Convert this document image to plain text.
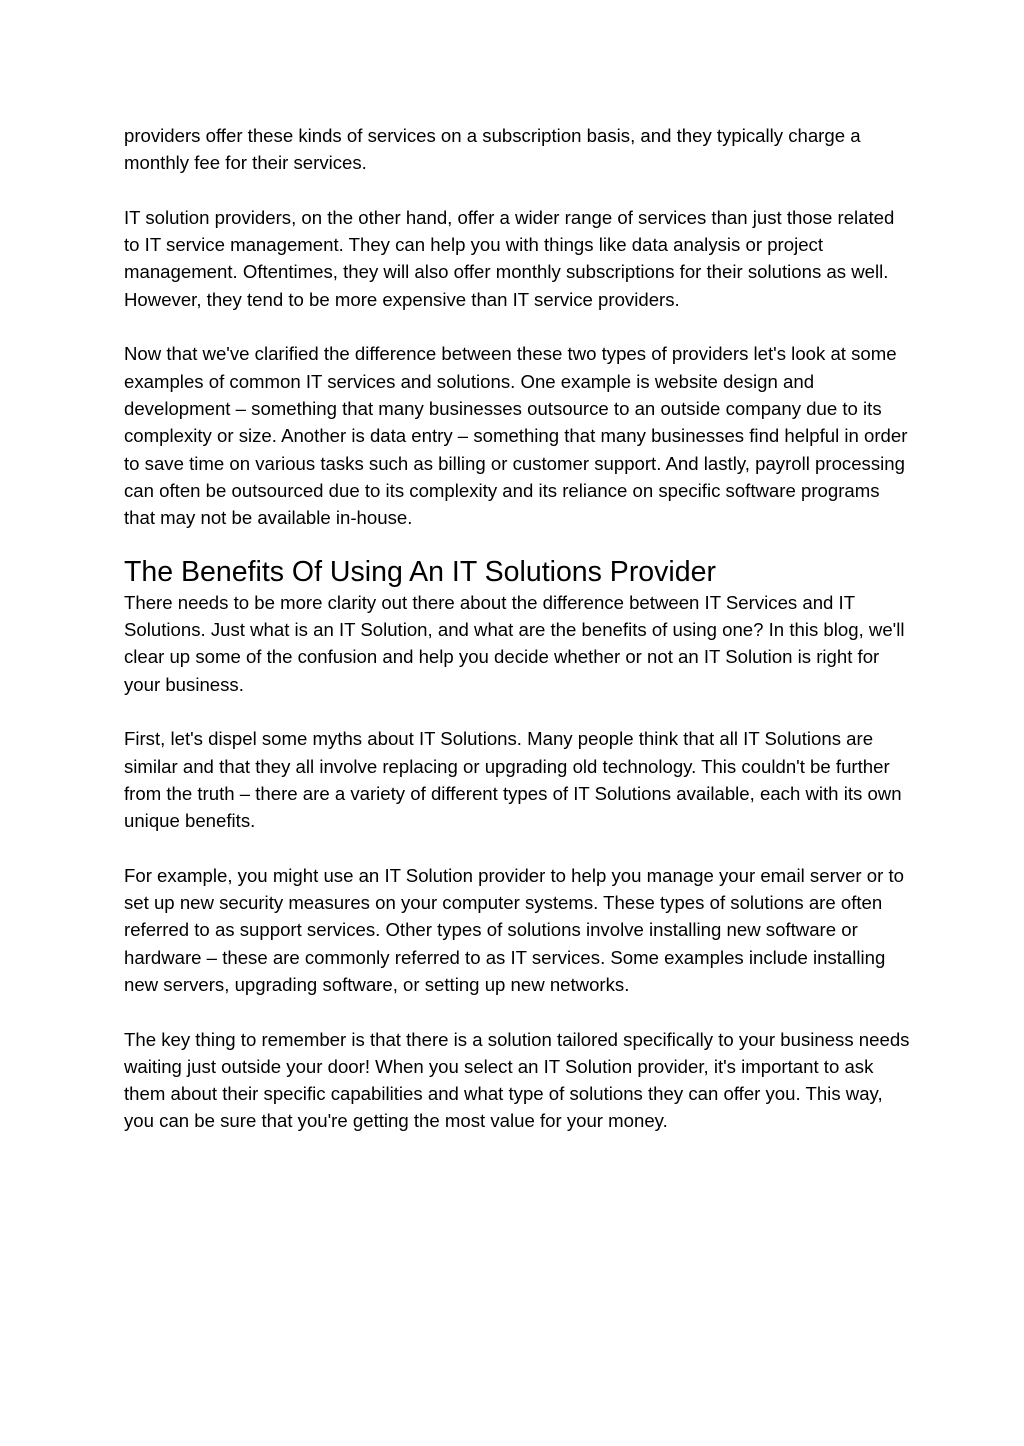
providers offer these kinds of services on a subscription basis, and they typically charge a monthly fee for their services.

IT solution providers, on the other hand, offer a wider range of services than just those related to IT service management. They can help you with things like data analysis or project management. Oftentimes, they will also offer monthly subscriptions for their solutions as well. However, they tend to be more expensive than IT service providers.

Now that we've clarified the difference between these two types of providers let's look at some examples of common IT services and solutions. One example is website design and development – something that many businesses outsource to an outside company due to its complexity or size. Another is data entry – something that many businesses find helpful in order to save time on various tasks such as billing or customer support. And lastly, payroll processing can often be outsourced due to its complexity and its reliance on specific software programs that may not be available in-house.

The Benefits Of Using An IT Solutions Provider

There needs to be more clarity out there about the difference between IT Services and IT Solutions. Just what is an IT Solution, and what are the benefits of using one? In this blog, we'll clear up some of the confusion and help you decide whether or not an IT Solution is right for your business.

First, let's dispel some myths about IT Solutions. Many people think that all IT Solutions are similar and that they all involve replacing or upgrading old technology. This couldn't be further from the truth – there are a variety of different types of IT Solutions available, each with its own unique benefits.

For example, you might use an IT Solution provider to help you manage your email server or to set up new security measures on your computer systems. These types of solutions are often referred to as support services. Other types of solutions involve installing new software or hardware – these are commonly referred to as IT services. Some examples include installing new servers, upgrading software, or setting up new networks.

The key thing to remember is that there is a solution tailored specifically to your business needs waiting just outside your door! When you select an IT Solution provider, it's important to ask them about their specific capabilities and what type of solutions they can offer you. This way, you can be sure that you're getting the most value for your money.
